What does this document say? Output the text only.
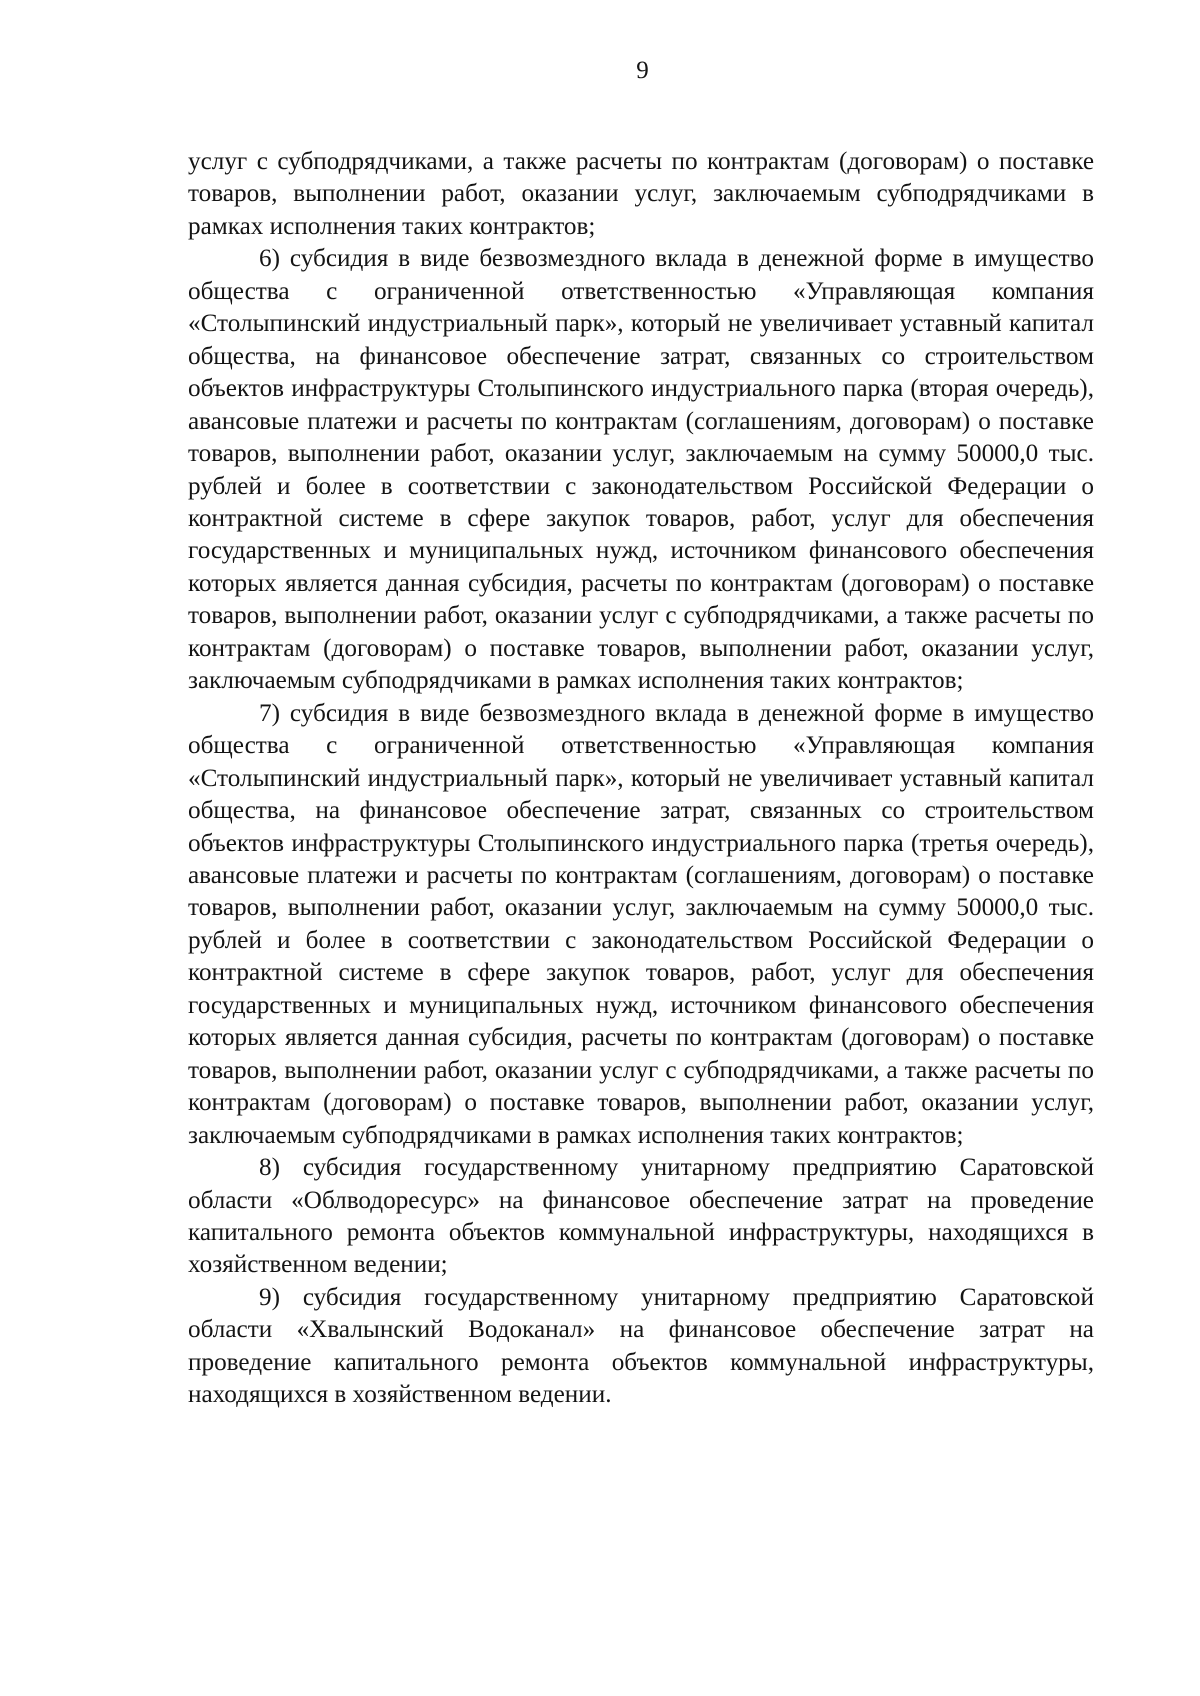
9

услуг с субподрядчиками, а также расчеты по контрактам (договорам) о поставке товаров, выполнении работ, оказании услуг, заключаемым субподрядчиками в рамках исполнения таких контрактов;

6) субсидия в виде безвозмездного вклада в денежной форме в имущество общества с ограниченной ответственностью «Управляющая компания «Столыпинский индустриальный парк», который не увеличивает уставный капитал общества, на финансовое обеспечение затрат, связанных со строительством объектов инфраструктуры Столыпинского индустриального парка (вторая очередь), авансовые платежи и расчеты по контрактам (соглашениям, договорам) о поставке товаров, выполнении работ, оказании услуг, заключаемым на сумму 50000,0 тыс. рублей и более в соответствии с законодательством Российской Федерации о контрактной системе в сфере закупок товаров, работ, услуг для обеспечения государственных и муниципальных нужд, источником финансового обеспечения которых является данная субсидия, расчеты по контрактам (договорам) о поставке товаров, выполнении работ, оказании услуг с субподрядчиками, а также расчеты по контрактам (договорам) о поставке товаров, выполнении работ, оказании услуг, заключаемым субподрядчиками в рамках исполнения таких контрактов;

7) субсидия в виде безвозмездного вклада в денежной форме в имущество общества с ограниченной ответственностью «Управляющая компания «Столыпинский индустриальный парк», который не увеличивает уставный капитал общества, на финансовое обеспечение затрат, связанных со строительством объектов инфраструктуры Столыпинского индустриального парка (третья очередь), авансовые платежи и расчеты по контрактам (соглашениям, договорам) о поставке товаров, выполнении работ, оказании услуг, заключаемым на сумму 50000,0 тыс. рублей и более в соответствии с законодательством Российской Федерации о контрактной системе в сфере закупок товаров, работ, услуг для обеспечения государственных и муниципальных нужд, источником финансового обеспечения которых является данная субсидия, расчеты по контрактам (договорам) о поставке товаров, выполнении работ, оказании услуг с субподрядчиками, а также расчеты по контрактам (договорам) о поставке товаров, выполнении работ, оказании услуг, заключаемым субподрядчиками в рамках исполнения таких контрактов;

8) субсидия государственному унитарному предприятию Саратовской области «Облводоресурс» на финансовое обеспечение затрат на проведение капитального ремонта объектов коммунальной инфраструктуры, находящихся в хозяйственном ведении;

9) субсидия государственному унитарному предприятию Саратовской области «Хвалынский Водоканал» на финансовое обеспечение затрат на проведение капитального ремонта объектов коммунальной инфраструктуры, находящихся в хозяйственном ведении.
